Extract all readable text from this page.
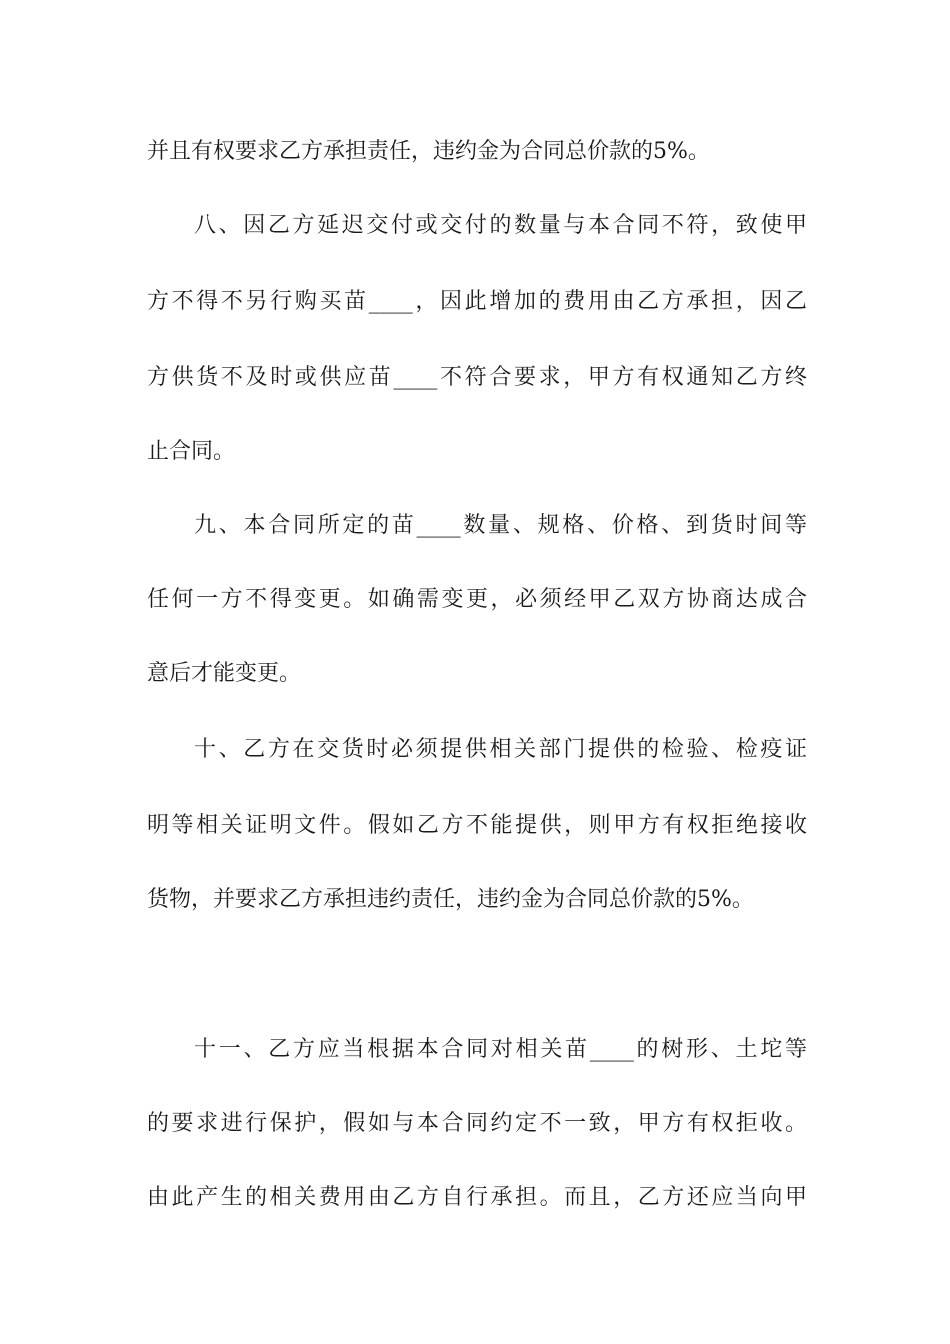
并且有权要求乙方承担责任，违约金为合同总价款的5%。
八、因乙方延迟交付或交付的数量与本合同不符，致使甲
方不得不另行购买苗____，因此增加的费用由乙方承担，因乙
方供货不及时或供应苗____不符合要求，甲方有权通知乙方终
止合同。
九、本合同所定的苗____数量、规格、价格、到货时间等
任何一方不得变更。如确需变更，必须经甲乙双方协商达成合
意后才能变更。
十、乙方在交货时必须提供相关部门提供的检验、检疫证
明等相关证明文件。假如乙方不能提供，则甲方有权拒绝接收
货物，并要求乙方承担违约责任，违约金为合同总价款的5%。
十一、乙方应当根据本合同对相关苗____的树形、土坨等
的要求进行保护，假如与本合同约定不一致，甲方有权拒收。
由此产生的相关费用由乙方自行承担。而且，乙方还应当向甲
